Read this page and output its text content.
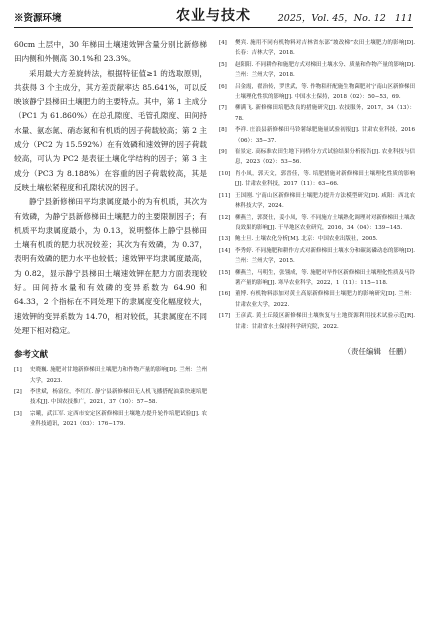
※资源环境	农业与技术	2025，Vol. 45，No. 12 111

60cm 土层中，30 年梯田土壤速效钾含量分别比新修梯田内侧和外侧高 30.1%和 23.3%。

采用最大方差旋转法，根据特征值≥1 的选取原则，共获得 3 个主成分，其方差贡献率达 85.641%，可以反映该静宁县梯田土壤肥力的主要特点。其中，第 1 主成分（PC1 为 61.860%）在总孔隙度、毛管孔隙度、田间持水量、氨态氮、硝态氮和有机质的因子荷载较高；第 2 主成分（PC2 为 15.592%）在有效磷和速效钾的因子荷载较高，可认为 PC2 是表征土壤化学结构的因子；第 3 主成分（PC3 为 8.188%）在容重的因子荷载较高，其是反映土壤松紧程度和孔隙状况的因子。

静宁县新修梯田平均隶属度最小的为有机质，其次为有效磷，为静宁县新修梯田土壤肥力的主要限制因子；有机质平均隶属度最小，为 0.13，说明整体上静宁县梯田土壤有机质的肥力状况较差；其次为有效磷，为 0.37，表明有效磷的肥力水平也较低；速效钾平均隶属度最高，为 0.82，显示静宁县梯田土壤速效钾在肥力方面表现较好。田间持水量和有效磷的变异系数为 64.90 和 64.33，2 个指标在不同处理下的隶属度变化幅度较大，速效钾的变异系数为 14.70，相对较低，其隶属度在不同处理下相对稳定。

参考文献
[1] 史晓巍. 施肥对甘地新修梯田土壤肥力和作物产量的影响[D]. 兰州：兰州大学，2023.
[2] 李世斌，杨富位，李红红. 静宁县新修梯田无人机飞播搭配油菜快速培肥技术[J]. 中国农技推广，2021，37（10）：57−58.
[3] 宗曦，武江军. 定西市安定区新修梯田土壤地力提升轮作培肥试验[J]. 农业科技通讯，2021（03）：176−179.
[4] 樊宾. 施用不同有机物料对吉林省东部“坡改梯”农田土壤肥力的影响[D]. 长春：吉林大学，2018.
[5] 赵阳阳. 不同耕作和施肥方式对梯田土壤水分、质量和作物产量的影响[D]. 兰州：兰州大学，2018.
[6] 吕金霞，翟治传，罗世武，等. 作物秸秆配施生物菌肥对宁南山区新修梯田土壤理化性状的影响[J]. 中国水土保持，2018（02）：50−53，69.
[7] 柳满飞. 新修梯田培肥改良的措施研究[J]. 农技服务，2017，34（13）：78.
[8] 李祥. 庄浪县新修梯田马铃薯绿肥施量试验初报[J]. 甘肃农业科技，2016（06）：35−37.
[9] 崔景定. 高标准农田生地下同桥分方式试验结果分析报告[J]. 农业科技与信息，2023（02）：53−56.
[10] 肖小凤，郭天文，郭晋佳，等. 培肥措施对新修梯田土壤理化性质的影响[J]. 甘肃农业科技，2017（11）：63−66.
[11] 王国刚. 宁南山区新修梯田土壤肥力提升方法模型研究[D]. 咸阳：西北农林科技大学，2024.
[12] 柳燕兰，郭贤仕，姜小凤，等. 不同施方土壤熟化调理对对新修梯田土壤改良效果的影响[J]. 干旱地区农业研究，2016，34（04）：139−145.
[13] 鲍士旦. 土壤农化分析[M]. 北京：中国农业出版社，2005.
[14] 李秀婷. 不同施肥和耕作方式对新修梯田土壤水分和碳氮磷动态的影响[D]. 兰州：兰州大学，2015.
[15] 柳燕兰，马明生，张翎成，等. 施肥对旱作区新修梯田土壤理化性质及马铃薯产量的影响[J]. 寒旱农业科学，2022，1（11）：115−118.
[16] 董博. 有机物料添加对黄土高原新修梯田土壤肥力的影响研究[D]. 兰州：甘肃农业大学，2022.
[17] 王彦武. 黄土丘陵区新修梯田土壤恢复与土地资源利用技术试验示范[R]. 甘肃：甘肃省水土保持科学研究院，2022.
（责任编辑　任鹏）
